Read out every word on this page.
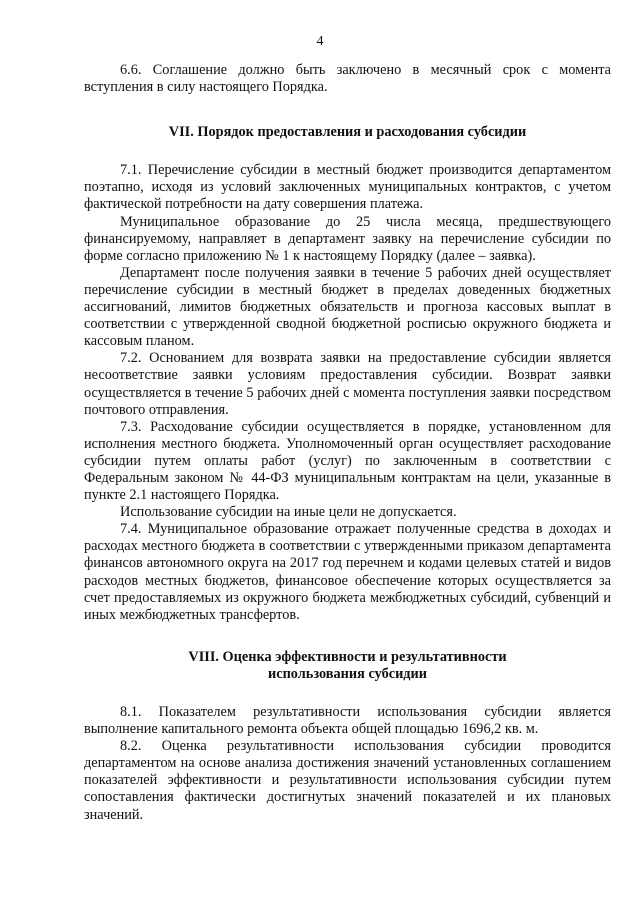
4

6.6. Соглашение должно быть заключено в месячный срок с момента вступления в силу настоящего Порядка.

VII. Порядок предоставления и расходования субсидии

7.1. Перечисление субсидии в местный бюджет производится департаментом поэтапно, исходя из условий заключенных муниципальных контрактов, с учетом фактической потребности на дату совершения платежа.

Муниципальное образование до 25 числа месяца, предшествующего финансируемому, направляет в департамент заявку на перечисление субсидии по форме согласно приложению № 1 к настоящему Порядку (далее – заявка).

Департамент после получения заявки в течение 5 рабочих дней осуществляет перечисление субсидии в местный бюджет в пределах доведенных бюджетных ассигнований, лимитов бюджетных обязательств и прогноза кассовых выплат в соответствии с утвержденной сводной бюджетной росписью окружного бюджета и кассовым планом.

7.2. Основанием для возврата заявки на предоставление субсидии является несоответствие заявки условиям предоставления субсидии. Возврат заявки осуществляется в течение 5 рабочих дней с момента поступления заявки посредством почтового отправления.

7.3. Расходование субсидии осуществляется в порядке, установленном для исполнения местного бюджета. Уполномоченный орган осуществляет расходование субсидии путем оплаты работ (услуг) по заключенным в соответствии с Федеральным законом № 44-ФЗ муниципальным контрактам на цели, указанные в пункте 2.1 настоящего Порядка.

Использование субсидии на иные цели не допускается.

7.4. Муниципальное образование отражает полученные средства в доходах и расходах местного бюджета в соответствии с утвержденными приказом департамента финансов автономного округа на 2017 год перечнем и кодами целевых статей и видов расходов местных бюджетов, финансовое обеспечение которых осуществляется за счет предоставляемых из окружного бюджета межбюджетных субсидий, субвенций и иных межбюджетных трансфертов.

VIII. Оценка эффективности и результативности
использования субсидии

8.1. Показателем результативности использования субсидии является выполнение капитального ремонта объекта общей площадью 1696,2 кв. м.

8.2. Оценка результативности использования субсидии проводится департаментом на основе анализа достижения значений установленных соглашением показателей эффективности и результативности использования субсидии путем сопоставления фактически достигнутых значений показателей и их плановых значений.
